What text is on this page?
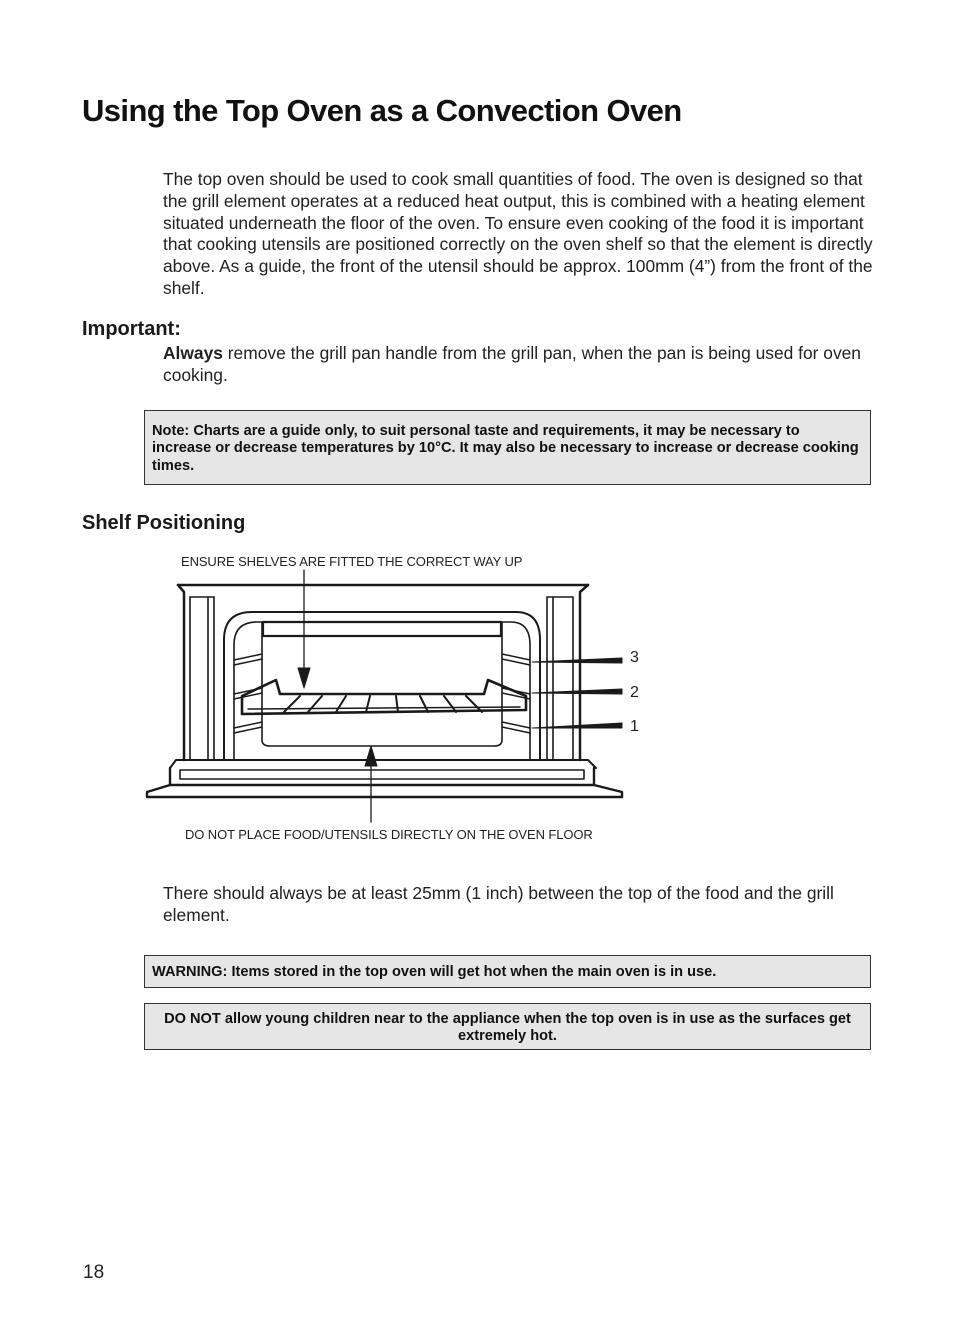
Using the Top Oven as a Convection Oven
The top oven should be used to cook small quantities of food. The oven is designed so that the grill element operates at a reduced heat output, this is combined with a heating element situated underneath the floor of the oven. To ensure even cooking of the food it is important that cooking utensils are positioned correctly on the oven shelf so that the element is directly above. As a guide, the front of the utensil should be approx. 100mm (4”) from the front of the shelf.
Important:
Always remove the grill pan handle from the grill pan, when the pan is being used for oven cooking.
Note: Charts are a guide only, to suit personal taste and requirements, it may be necessary to increase or decrease temperatures by 10°C. It may also be necessary to increase or decrease cooking times.
Shelf Positioning
ENSURE SHELVES ARE FITTED THE CORRECT WAY UP
3
2
1
DO NOT PLACE FOOD/UTENSILS DIRECTLY ON THE OVEN FLOOR
There should always be at least 25mm (1 inch) between the top of the food and the grill element.
WARNING: Items stored in the top oven will get hot when the main oven is in use.
DO NOT allow young children near to the appliance when the top oven is in use as the surfaces get extremely hot.
18
